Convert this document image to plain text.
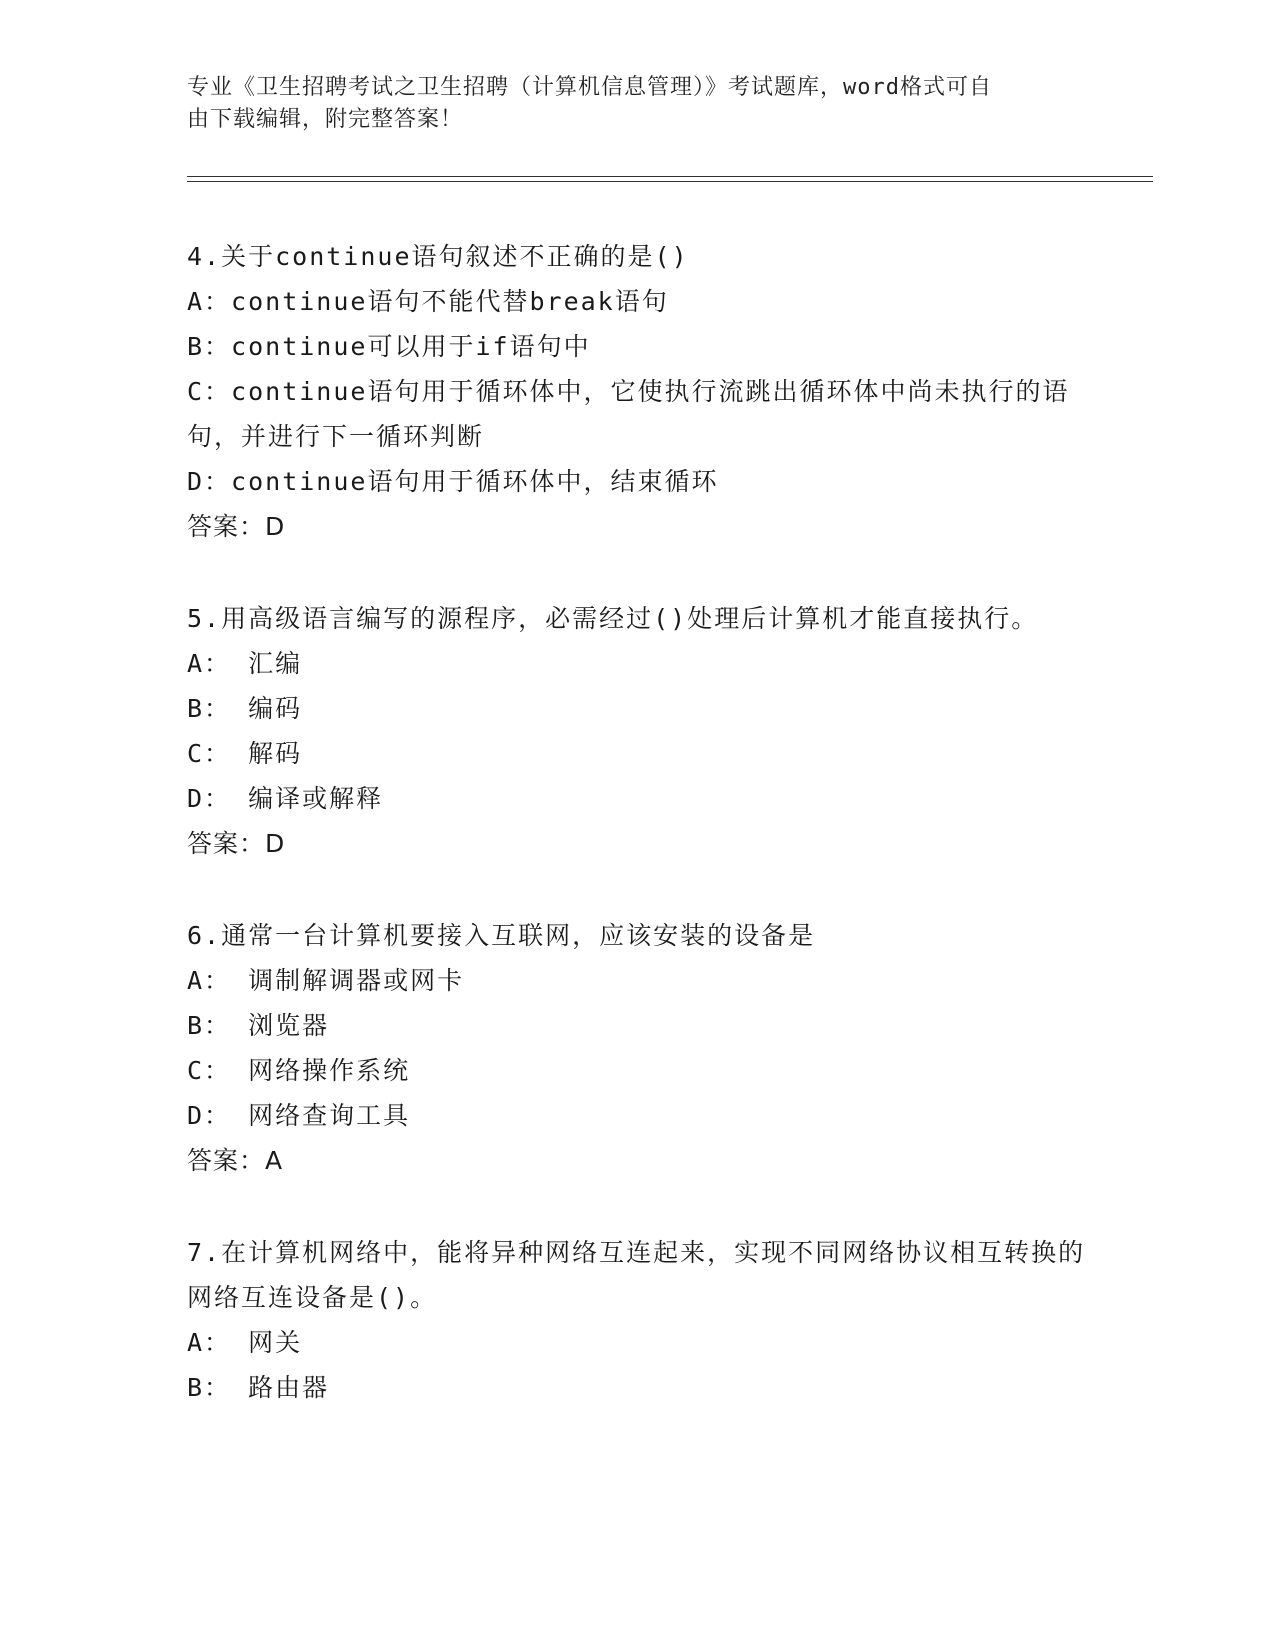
专业《卫生招聘考试之卫生招聘（计算机信息管理）》考试题库，word格式可自
由下载编辑，附完整答案！
4.关于continue语句叙述不正确的是()
A：continue语句不能代替break语句
B：continue可以用于if语句中
C：continue语句用于循环体中，它使执行流跳出循环体中尚未执行的语句，并进行下一循环判断
D：continue语句用于循环体中，结束循环
答案：D
5.用高级语言编写的源程序，必需经过()处理后计算机才能直接执行。
A： 汇编
B： 编码
C： 解码
D： 编译或解释
答案：D
6.通常一台计算机要接入互联网，应该安装的设备是
A： 调制解调器或网卡
B： 浏览器
C： 网络操作系统
D： 网络查询工具
答案：A
7.在计算机网络中，能将异种网络互连起来，实现不同网络协议相互转换的网络互连设备是()。
A： 网关
B： 路由器
